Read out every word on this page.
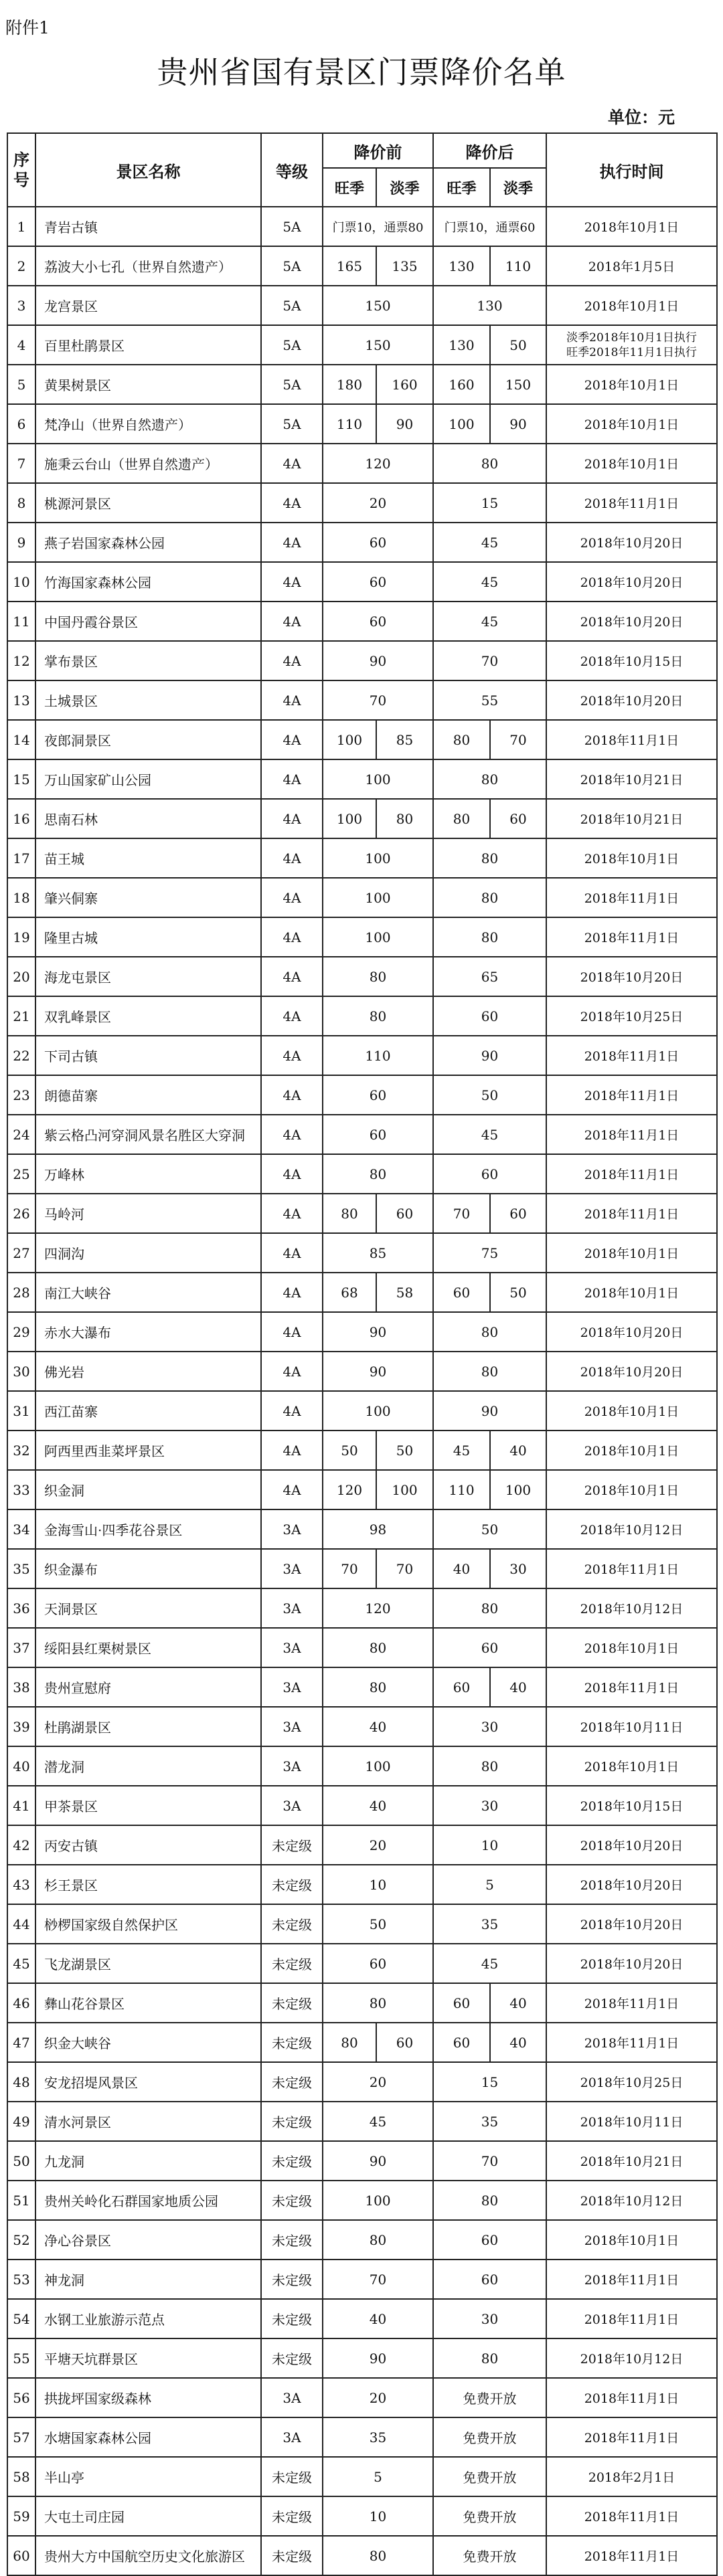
附件1
贵州省国有景区门票降价名单
单位：元
序
号	景区名称	等级	降价前		降价后		执行时间
			旺季	淡季	旺季	淡季	
1	青岩古镇	5A	门票10，通票80		门票10，通票60		2018年10月1日
2	荔波大小七孔（世界自然遗产）	5A	165	135	130	110	2018年1月5日
3	龙宫景区	5A	150		130		2018年10月1日
4	百里杜鹃景区	5A	150		130	50	淡季2018年10月1日执行
旺季2018年11月1日执行
5	黄果树景区	5A	180	160	160	150	2018年10月1日
6	梵净山（世界自然遗产）	5A	110	90	100	90	2018年10月1日
7	施秉云台山（世界自然遗产）	4A	120		80		2018年10月1日
8	桃源河景区	4A	20		15		2018年11月1日
9	燕子岩国家森林公园	4A	60		45		2018年10月20日
10	竹海国家森林公园	4A	60		45		2018年10月20日
11	中国丹霞谷景区	4A	60		45		2018年10月20日
12	掌布景区	4A	90		70		2018年10月15日
13	土城景区	4A	70		55		2018年10月20日
14	夜郎洞景区	4A	100	85	80	70	2018年11月1日
15	万山国家矿山公园	4A	100		80		2018年10月21日
16	思南石林	4A	100	80	80	60	2018年10月21日
17	苗王城	4A	100		80		2018年10月1日
18	肇兴侗寨	4A	100		80		2018年11月1日
19	隆里古城	4A	100		80		2018年11月1日
20	海龙屯景区	4A	80		65		2018年10月20日
21	双乳峰景区	4A	80		60		2018年10月25日
22	下司古镇	4A	110		90		2018年11月1日
23	朗德苗寨	4A	60		50		2018年11月1日
24	紫云格凸河穿洞风景名胜区大穿洞	4A	60		45		2018年11月1日
25	万峰林	4A	80		60		2018年11月1日
26	马岭河	4A	80	60	70	60	2018年11月1日
27	四洞沟	4A	85		75		2018年10月1日
28	南江大峡谷	4A	68	58	60	50	2018年10月1日
29	赤水大瀑布	4A	90		80		2018年10月20日
30	佛光岩	4A	90		80		2018年10月20日
31	西江苗寨	4A	100		90		2018年10月1日
32	阿西里西韭菜坪景区	4A	50	50	45	40	2018年10月1日
33	织金洞	4A	120	100	110	100	2018年10月1日
34	金海雪山·四季花谷景区	3A	98		50		2018年10月12日
35	织金瀑布	3A	70	70	40	30	2018年11月1日
36	天洞景区	3A	120		80		2018年10月12日
37	绥阳县红栗树景区	3A	80		60		2018年10月1日
38	贵州宣慰府	3A	80		60	40	2018年11月1日
39	杜鹃湖景区	3A	40		30		2018年10月11日
40	潜龙洞	3A	100		80		2018年10月1日
41	甲茶景区	3A	40		30		2018年10月15日
42	丙安古镇	未定级	20		10		2018年10月20日
43	杉王景区	未定级	10		5		2018年10月20日
44	桫椤国家级自然保护区	未定级	50		35		2018年10月20日
45	飞龙湖景区	未定级	60		45		2018年10月20日
46	彝山花谷景区	未定级	80		60	40	2018年11月1日
47	织金大峡谷	未定级	80	60	60	40	2018年11月1日
48	安龙招堤风景区	未定级	20		15		2018年10月25日
49	清水河景区	未定级	45		35		2018年10月11日
50	九龙洞	未定级	90		70		2018年10月21日
51	贵州关岭化石群国家地质公园	未定级	100		80		2018年10月12日
52	净心谷景区	未定级	80		60		2018年10月1日
53	神龙洞	未定级	70		60		2018年11月1日
54	水钢工业旅游示范点	未定级	40		30		2018年11月1日
55	平塘天坑群景区	未定级	90		80		2018年10月12日
56	拱拢坪国家级森林	3A	20		免费开放		2018年11月1日
57	水塘国家森林公园	3A	35		免费开放		2018年11月1日
58	半山亭	未定级	5		免费开放		2018年2月1日
59	大屯土司庄园	未定级	10		免费开放		2018年11月1日
60	贵州大方中国航空历史文化旅游区	未定级	80		免费开放		2018年11月1日
